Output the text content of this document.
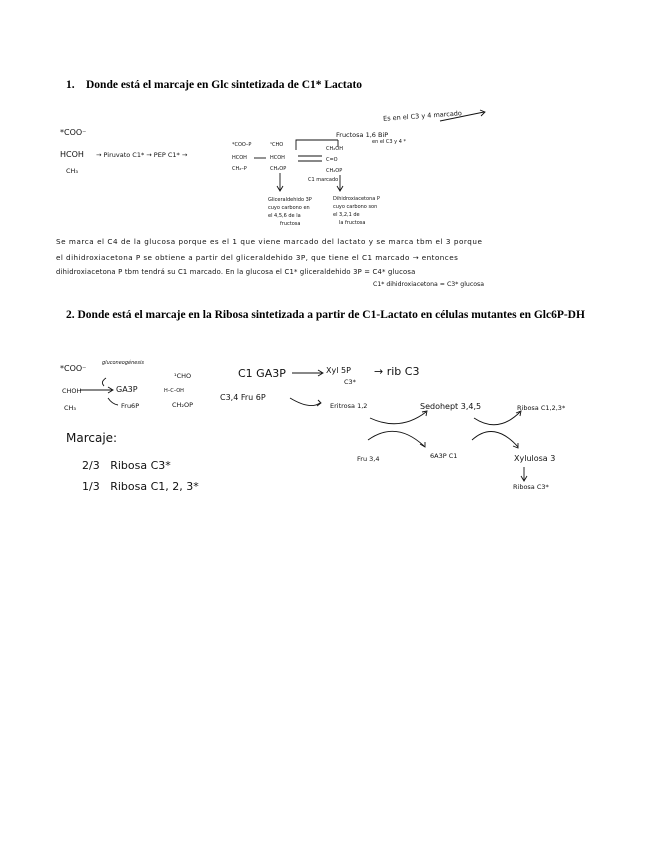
1. Donde está el marcaje en Glc sintetizada de C1* Lactato
Es en el C3 y 4 marcado
en el C3 y 4 *
*COO⁻
HCOH
CH₃
→ Piruvato C1* → PEP C1* →
*COO–P
HCOH
CH₂–P
¹CHO
HCOH
CH₂OP
CH₂OH
C=O
CH₂OP
Fructosa 1,6 BiP
C1 marcado
Gliceraldehido 3P
cuyo carbono en
el 4,5,6 de la
fructosa
Dihidroxiacetona P
cuyo carbono son
el 3,2,1 de
la fructosa
Se marca el C4 de la glucosa porque es el 1 que viene marcado del lactato y se marca tbm el 3 porque
el dihidroxiacetona P se obtiene a partir del gliceraldehido 3P, que tiene el C1 marcado → entonces
dihidroxiacetona P tbm tendrá su C1 marcado. En la glucosa el C1* gliceraldehido 3P = C4* glucosa
C1* dihidroxiacetona = C3* glucosa
2. Donde está el marcaje en la Ribosa sintetizada a partir de C1-Lactato en células mutantes en Glc6P-DH
*COO⁻
CHOH
CH₃
gluconeogénesis
GA3P
Fru6P
¹CHO
H–C–OH
CH₂OP
C1 GA3P
C3,4 Fru 6P
Xyl 5P
C3*
→ rib C3
Eritrosa 1,2	Sedohept 3,4,5	Ribosa C1,2,3*
Fru 3,4	6A3P C1	Xylulosa 3
Ribosa C3*
Marcaje:
2/3 Ribosa C3*
1/3 Ribosa C1, 2, 3*
